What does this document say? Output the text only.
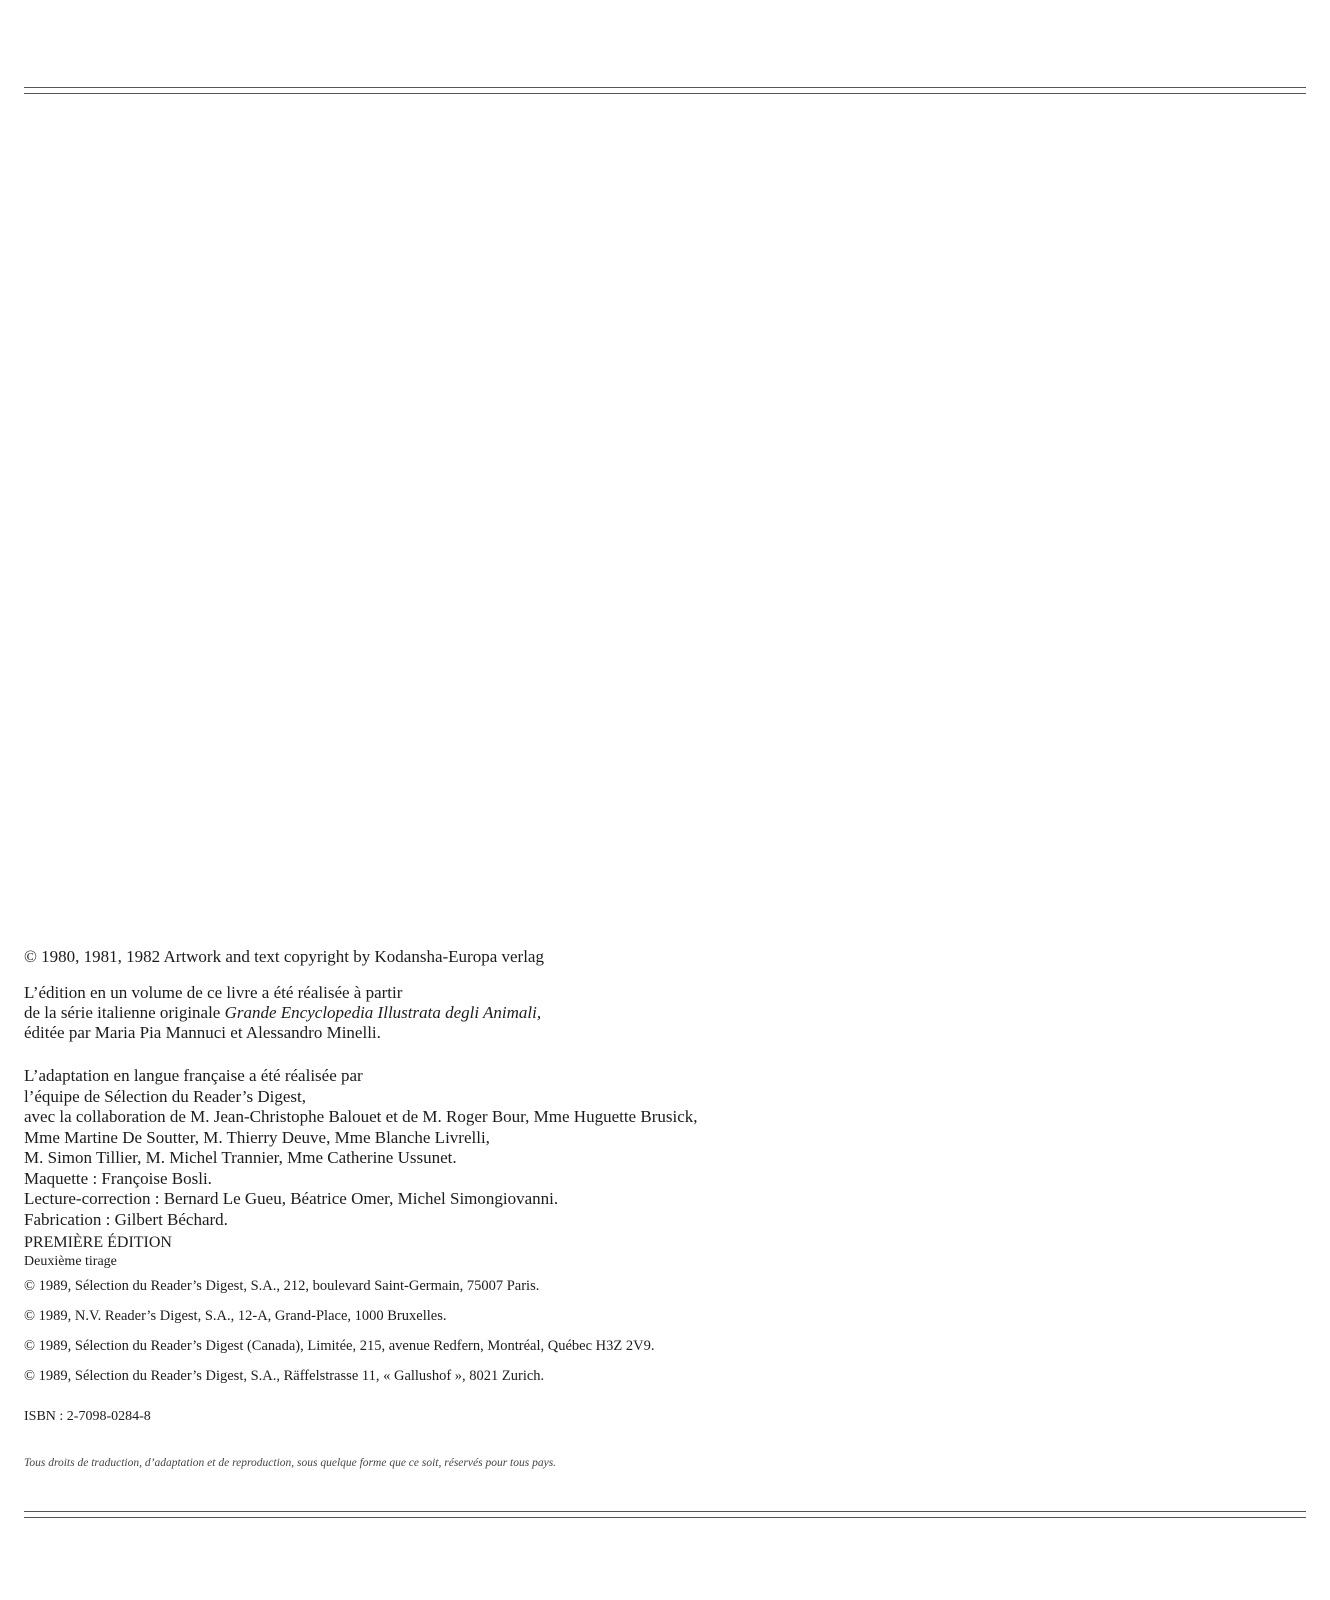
© 1980, 1981, 1982 Artwork and text copyright by Kodansha-Europa verlag
L’édition en un volume de ce livre a été réalisée à partir
de la série italienne originale Grande Encyclopedia Illustrata degli Animali,
éditée par Maria Pia Mannuci et Alessandro Minelli.
L’adaptation en langue française a été réalisée par
l’équipe de Sélection du Reader’s Digest,
avec la collaboration de M. Jean-Christophe Balouet et de M. Roger Bour, Mme Huguette Brusick,
Mme Martine De Soutter, M. Thierry Deuve, Mme Blanche Livrelli,
M. Simon Tillier, M. Michel Trannier, Mme Catherine Ussunet.
Maquette : Françoise Bosli.
Lecture-correction : Bernard Le Gueu, Béatrice Omer, Michel Simongiovanni.
Fabrication : Gilbert Béchard.
PREMIÈRE ÉDITION
Deuxième tirage
© 1989, Sélection du Reader’s Digest, S.A., 212, boulevard Saint-Germain, 75007 Paris.
© 1989, N.V. Reader’s Digest, S.A., 12-A, Grand-Place, 1000 Bruxelles.
© 1989, Sélection du Reader’s Digest (Canada), Limitée, 215, avenue Redfern, Montréal, Québec H3Z 2V9.
© 1989, Sélection du Reader’s Digest, S.A., Räffelstrasse 11, « Gallushof », 8021 Zurich.
ISBN : 2-7098-0284-8
Tous droits de traduction, d’adaptation et de reproduction, sous quelque forme que ce soit, réservés pour tous pays.
